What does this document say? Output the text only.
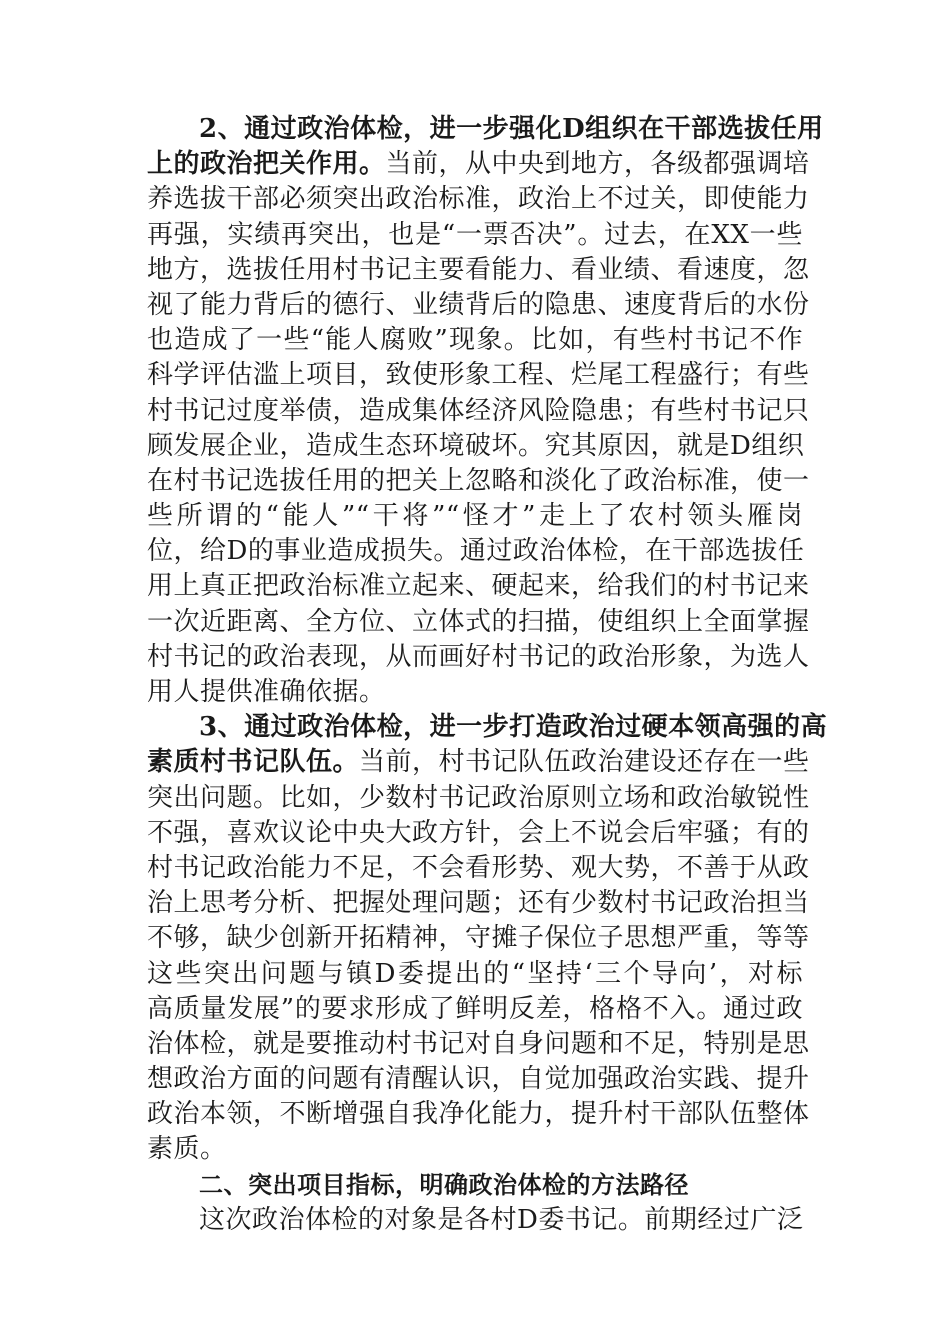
2、通过政治体检，进一步强化D组织在干部选拔任用
上的政治把关作用。当前，从中央到地方，各级都强调培
养选拔干部必须突出政治标准，政治上不过关，即使能力
再强，实绩再突出，也是“一票否决”。过去，在XX一些
地方，选拔任用村书记主要看能力、看业绩、看速度，忽
视了能力背后的德行、业绩背后的隐患、速度背后的水份
也造成了一些“能人腐败”现象。比如，有些村书记不作
科学评估滥上项目，致使形象工程、烂尾工程盛行；有些
村书记过度举债，造成集体经济风险隐患；有些村书记只
顾发展企业，造成生态环境破坏。究其原因，就是D组织
在村书记选拔任用的把关上忽略和淡化了政治标准，使一
些所谓的“能人”“干将”“怪才”走上了农村领头雁岗
位，给D的事业造成损失。通过政治体检，在干部选拔任
用上真正把政治标准立起来、硬起来，给我们的村书记来
一次近距离、全方位、立体式的扫描，使组织上全面掌握
村书记的政治表现，从而画好村书记的政治形象，为选人
用人提供准确依据。
3、通过政治体检，进一步打造政治过硬本领高强的高
素质村书记队伍。当前，村书记队伍政治建设还存在一些
突出问题。比如，少数村书记政治原则立场和政治敏锐性
不强，喜欢议论中央大政方针，会上不说会后牢骚；有的
村书记政治能力不足，不会看形势、观大势，不善于从政
治上思考分析、把握处理问题；还有少数村书记政治担当
不够，缺少创新开拓精神，守摊子保位子思想严重，等等
这些突出问题与镇D委提出的“坚持‘三个导向’，对标
高质量发展”的要求形成了鲜明反差，格格不入。通过政
治体检，就是要推动村书记对自身问题和不足，特别是思
想政治方面的问题有清醒认识，自觉加强政治实践、提升
政治本领，不断增强自我净化能力，提升村干部队伍整体
素质。
二、突出项目指标，明确政治体检的方法路径
这次政治体检的对象是各村D委书记。前期经过广泛
